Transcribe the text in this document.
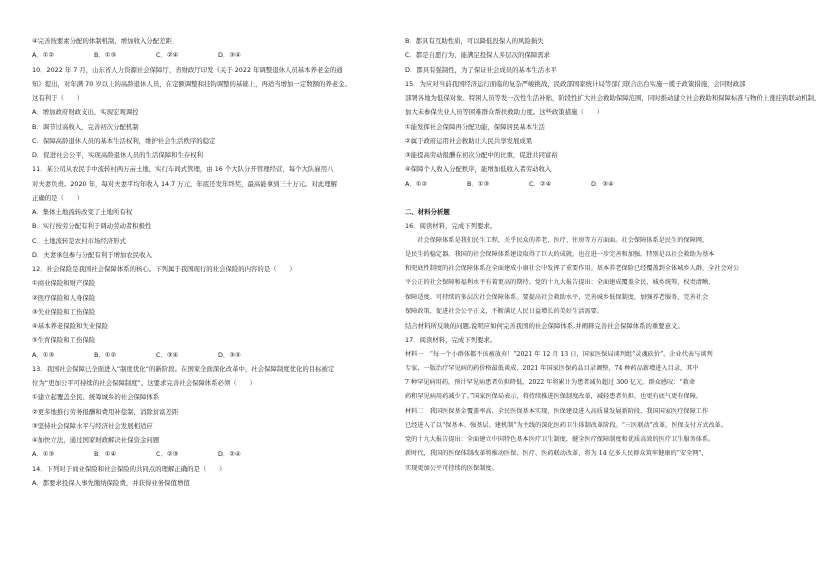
④完善按要素分配的体制机制，增加收入分配差距
A．①②	B．①③	C．②④	D．③④
10．2022 年 7 月，山东省人力资源社会保障厅、省财政厅印发《关于 2022 年调整退休人员基本养老金的通
知》提出，对年满 70 岁以上的高龄退休人员，在定额调整和挂钩调整的基础上，再适当增加一定数额的养老金。
这有利于（　　）
A．增加政府财政支出，实现宏观调控
B．调节过高收入，完善初次分配机制
C．保障高龄退休人员的基本生活权利，维护社会生活秩序的稳定
D．促进社会公平，实现高龄退休人员的生活保障和生存权利
11．某公司从农民手中流转村两万亩土地，实行车间式管理，由 16 个大队分开管理经营，每个大队雇用八
对夫妻负责。2020 年，每对夫妻平均年收入 14.7 万元，年底还发年终奖，最高能拿到三十万元。对此理解
正确的是（　　）
A．集体土地流转改变了土地所有权
B．实行按劳分配有利于调动劳动者积极性
C．土地流转是农村市场经济形式
D．夫妻承包参与分配有利于增加农民收入
12．社会保险是我国社会保障体系的核心。下列属于我国现行的社会保险的内容的是（　　）
①商业保险和财产保险
②医疗保险和人身保险
③失业保险和工伤保险
④基本养老保险和失业保险
⑤生育保险和工伤保险
A．①③	B．①②	C．③④	D．③⑤
13．我国社会保障已全面进入“制度优化”的新阶段。在国家全面深化改革中，社会保障制度优化的目标被定
位为“更加公平可持续的社会保障制度”。这要求完善社会保障体系必须（　　）
①建立起覆盖全民、统筹城乡的社会保障体系
②更多地推行劳务报酬和费用补偿制，消除贫富差距
③坚持社会保障水平与经济社会发展相适应
④加快立法，通过国家财政解决社保资金问题
A．①③	B．①④	C．②③	D．②④
14．下列对于商业保险和社会保险的共同点的理解正确的是（　　）
A．都要求投保人事先缴纳保险费，并获得业务保值增值
B．都具有互助性质，可以降低投保人的风险损失
C．都是自愿行为，能满足投保人多层次的保障需求
D．都具有强制性，为了保证社会成员的基本生活水平
15．为应对当前我国经济运行面临的复杂严峻挑战，民政部国家统计局等部门联合出台实施一揽子政策措施，会同财政部
部署各地为低保对象、特困人员等发一次性生活补贴，阶段性扩大社会救助保障范围，同时推动建立社会救助和保障标准与物价上涨挂钩联动机制，
加大未参保失业人员等困难群众帮扶救助力度。这些政策措施（　　）
①能发挥社会保障再分配功能，保障居民基本生活
②属于政府运用社会救助让人民共享发展成果
③能提高劳动报酬在初次分配中的比重，促进共同富裕
④保障个人收入分配秩序，能增加低收入者劳动收入
A．①②	B．①③	C．②④	D．③④
二、材料分析题
16．阅读材料，完成下列要求。
　　社会保障体系是我们民生工程，关乎民众的养老、医疗、住房等方方面面。社会保障体系是民生的保障网，
是民生的稳定器。我国的社会保障体系建设取得了巨大的成就，也在进一步完善和加强。特别是以社会救助为基本
和兜底性制度的社会保障体系在全面建成小康社会中发挥了重要作用。基本养老保险已经覆盖到全体城乡人群，全社会对公
平公正的社会保障和福利水平有着更高的期待。党的十九大报告提出：全面建成覆盖全民、城乡统筹、权责清晰、
保障适度、可持续的多层次社会保障体系。要提高社会救助水平，完善城乡低保制度，加强养老服务，完善社会
保障政策，促进社会公平正义，不断满足人民日益增长的美好生活需要。
结合材料所反映的问题,说明应如何完善我国的社会保障体系,并阐释完善社会保障体系的重要意义。
17．阅读材料，完成下列要求。
材料一　“每一个小群体都不该被放弃！”2021 年 12 月 13 日，国家医保局谈判组“灵魂砍价”，企业代表与谈判
专家，一版治疗罕见病的药价格最低谈成，2021 年国家医保药品目录调整，74 种药品新增进入目录，其中
7 种罕见病用药，预计罕见病患者负担降低，2022 年将累计为患者减负超过 300 亿元。群众感叹：“救命
药和罕见病用药减少了。”国家医保局表示，将持续推进医保制度改革，减轻患者负担，也更有底气更有保障。
材料二　我国医保基金覆盖率高、全民医保基本实现，医保建设进入高质量发展新阶段，我国国家医疗保障工作
已经进入了以“保基本、强基层、建机制”为主线的深化医药卫生体制改革阶段。“三医联动”改革，医保支付方式改革。
党的十九大报告提出：全面建立中国特色基本医疗卫生制度，健全医疗保障制度和优质高效的医疗卫生服务体系。
新时代，我国的医保体制改革将推动医保、医疗、医药联动改革，将为 14 亿多人民群众筑牢健康的“安全网”，
实现更加公平可持续的医保制度。
